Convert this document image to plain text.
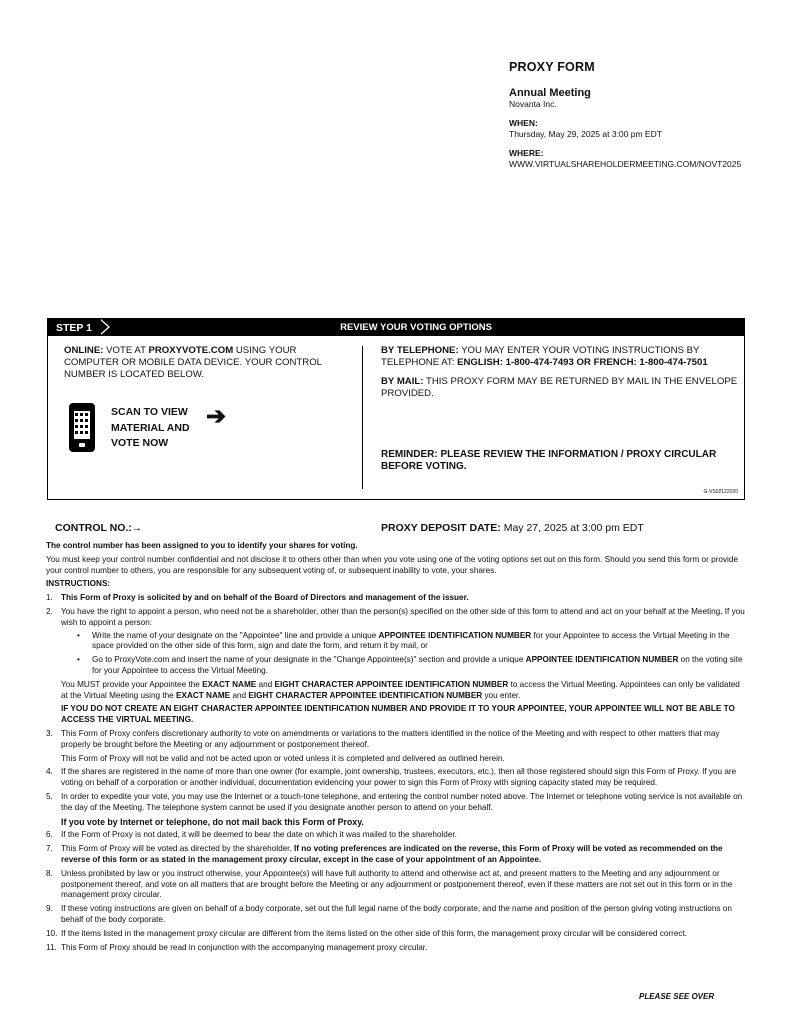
PROXY FORM
Annual Meeting
Novanta Inc.
WHEN:
Thursday, May 29, 2025 at 3:00 pm EDT
WHERE:
WWW.VIRTUALSHAREHOLDERMEETING.COM/NOVT2025
STEP 1	REVIEW YOUR VOTING OPTIONS
ONLINE: VOTE AT PROXYVOTE.COM USING YOUR COMPUTER OR MOBILE DATA DEVICE. YOUR CONTROL NUMBER IS LOCATED BELOW.
SCAN TO VIEW MATERIAL AND VOTE NOW
➔
BY TELEPHONE: YOU MAY ENTER YOUR VOTING INSTRUCTIONS BY TELEPHONE AT: ENGLISH: 1-800-474-7493 OR FRENCH: 1-800-474-7501
BY MAIL: THIS PROXY FORM MAY BE RETURNED BY MAIL IN THE ENVELOPE PROVIDED.
REMINDER: PLEASE REVIEW THE INFORMATION / PROXY CIRCULAR BEFORE VOTING.
G-VS02122020
CONTROL NO.:→	PROXY DEPOSIT DATE: May 27, 2025 at 3:00 pm EDT

The control number has been assigned to you to identify your shares for voting.

You must keep your control number confidential and not disclose it to others other than when you vote using one of the voting options set out on this form. Should you send this form or provide your control number to others, you are responsible for any subsequent voting of, or subsequent inability to vote, your shares.

INSTRUCTIONS:

1. This Form of Proxy is solicited by and on behalf of the Board of Directors and management of the issuer.
2. You have the right to appoint a person, who need not be a shareholder, other than the person(s) specified on the other side of this form to attend and act on your behalf at the Meeting. If you wish to appoint a person:
• Write the name of your designate on the "Appointee" line and provide a unique APPOINTEE IDENTIFICATION NUMBER for your Appointee to access the Virtual Meeting in the space provided on the other side of this form, sign and date the form, and return it by mail, or
• Go to ProxyVote.com and insert the name of your designate in the "Change Appointee(s)" section and provide a unique APPOINTEE IDENTIFICATION NUMBER on the voting site for your Appointee to access the Virtual Meeting.
You MUST provide your Appointee the EXACT NAME and EIGHT CHARACTER APPOINTEE IDENTIFICATION NUMBER to access the Virtual Meeting. Appointees can only be validated at the Virtual Meeting using the EXACT NAME and EIGHT CHARACTER APPOINTEE IDENTIFICATION NUMBER you enter.
IF YOU DO NOT CREATE AN EIGHT CHARACTER APPOINTEE IDENTIFICATION NUMBER AND PROVIDE IT TO YOUR APPOINTEE, YOUR APPOINTEE WILL NOT BE ABLE TO ACCESS THE VIRTUAL MEETING.
3. This Form of Proxy confers discretionary authority to vote on amendments or variations to the matters identified in the notice of the Meeting and with respect to other matters that may properly be brought before the Meeting or any adjournment or postponement thereof.
This Form of Proxy will not be valid and not be acted upon or voted unless it is completed and delivered as outlined herein.
4. If the shares are registered in the name of more than one owner (for example, joint ownership, trustees, executors, etc.), then all those registered should sign this Form of Proxy. If you are voting on behalf of a corporation or another individual, documentation evidencing your power to sign this Form of Proxy with signing capacity stated may be required.
5. In order to expedite your vote, you may use the Internet or a touch-tone telephone, and entering the control number noted above. The Internet or telephone voting service is not available on the day of the Meeting. The telephone system cannot be used if you designate another person to attend on your behalf.
If you vote by Internet or telephone, do not mail back this Form of Proxy.
6. If the Form of Proxy is not dated, it will be deemed to bear the date on which it was mailed to the shareholder.
7. This Form of Proxy will be voted as directed by the shareholder. If no voting preferences are indicated on the reverse, this Form of Proxy will be voted as recommended on the reverse of this form or as stated in the management proxy circular, except in the case of your appointment of an Appointee.
8. Unless prohibited by law or you instruct otherwise, your Appointee(s) will have full authority to attend and otherwise act at, and present matters to the Meeting and any adjournment or postponement thereof, and vote on all matters that are brought before the Meeting or any adjournment or postponement thereof, even if these matters are not set out in this form or in the management proxy circular.
9. If these voting instructions are given on behalf of a body corporate, set out the full legal name of the body corporate, and the name and position of the person giving voting instructions on behalf of the body corporate.
10. If the items listed in the management proxy circular are different from the items listed on the other side of this form, the management proxy circular will be considered correct.
11. This Form of Proxy should be read in conjunction with the accompanying management proxy circular.
PLEASE SEE OVER
